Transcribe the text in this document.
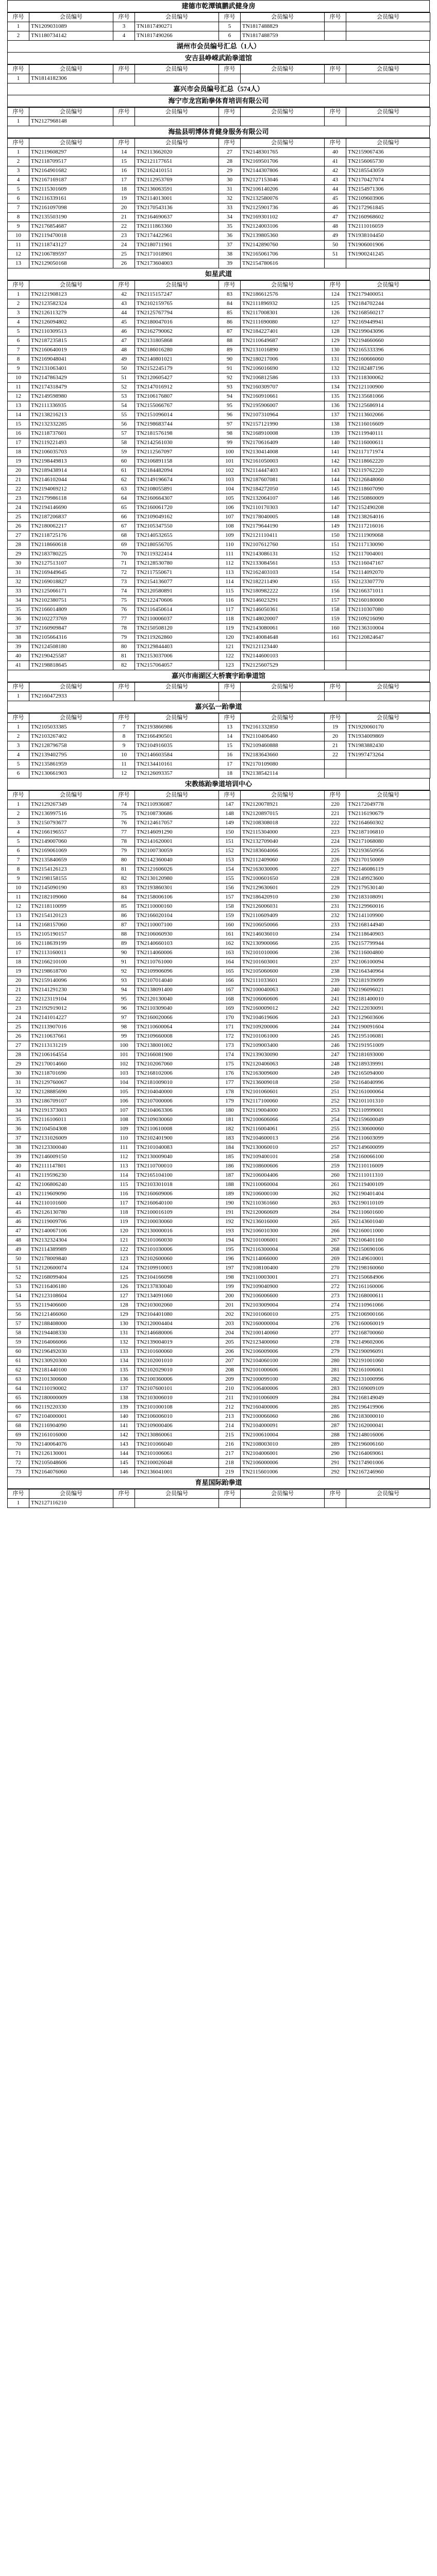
建德市乾潭镇鹏武健身房
序号	会员编号	序号	会员编号	序号	会员编号	序号	会员编号
1	TN1209031089	3	TN1817490271	5	TN1817488829		
2	TN1180734142	4	TN1817490266	6	TN1817488759		
湖州市会员编号汇总（1人）
安吉县峥嵘武跆拳道馆
序号	会员编号	序号	会员编号	序号	会员编号	序号	会员编号
1	TN1814182306						
嘉兴市会员编号汇总（574人）
海宁市龙宫跆拳体育培训有限公司
序号	会员编号	序号	会员编号	序号	会员编号	序号	会员编号
1	TN2127968148						
海盐县明博体育健身服务有限公司
序号	会员编号	序号	会员编号	序号	会员编号	序号	会员编号
1	TN2119608297	14	TN2113662020	27	TN2148301765	40	TN2159067436
2	TN2118709517	15	TN2121177651	28	TN2169501706	41	TN2156065730
3	TN2164901682	16	TN2162410151	29	TN2144307806	42	TN2185543059
4	TN2167169187	17	TN2112953769	30	TN2127153046	43	TN2170427074
5	TN2115301609	18	TN2136063591	31	TN2106140206	44	TN2154971306
6	TN2116339161	19	TN2114013001	32	TN2132580076	45	TN2109603906
7	TN2161097098	20	TN2170543136	33	TN2125901736	46	TN2172961845
8	TN2135503190	21	TN2164690637	34	TN2169301102	47	TN2160968602
9	TN2176854687	22	TN2111863360	35	TN2124003106	48	TN2111016059
10	TN2119470018	23	TN2174422961	36	TN2139805360	49	TN1938104450
11	TN2118743127	24	TN2180711901	37	TN2142890760	50	TN1906001906
12	TN2106789597	25	TN2171018901	38	TN2165061706	51	TN1900241245
13	TN2129050168	26	TN2173604003	39	TN2154780616		
如星武道
序号	会员编号	序号	会员编号	序号	会员编号	序号	会员编号
1	TN2121908123	42	TN2115157247	83	TN2186612576	124	TN2179400051
2	TN2123582324	43	TN2102159765	84	TN2111896932	125	TN2184702244
3	TN2126113279	44	TN2125767794	85	TN2117008301	126	TN2168560217
4	TN2126094802	45	TN2180047016	86	TN2111690080	127	TN2169449941
5	TN2110309513	46	TN2162790062	87	TN2184227401	128	TN2199043096
6	TN2187235815	47	TN2131805868	88	TN2110649687	129	TN2194660660
7	TN2160640019	48	TN2186016280	89	TN2131016890	130	TN2165333396
8	TN2169048041	49	TN2140801021	90	TN2180217006	131	TN2160666060
9	TN2131063401	50	TN2152245179	91	TN2106016690	132	TN2182487196
10	TN2147863429	51	TN2120605427	92	TN2106812586	133	TN2118300062
11	TN2174318479	52	TN2147016912	93	TN2160309707	134	TN2121100900
12	TN2149598980	53	TN2106176807	94	TN2160910661	135	TN2135681066
13	TN2111336935	54	TN2155066767	95	TN2195906007	136	TN2125686914
14	TN2138216213	55	TN2151096014	96	TN2107310964	137	TN2113602066
15	TN2132332285	56	TN2198683744	97	TN2157121990	138	TN2116016609
16	TN2118737601	57	TN2181576198	98	TN2168910008	139	TN2119940111
17	TN2119221493	58	TN2142561030	99	TN2170616409	140	TN2116000611
18	TN2106035703	59	TN2112567097	100	TN2130414008	141	TN2117171974
19	TN2198449813	60	TN2106891158	101	TN2161050003	142	TN2118662220
20	TN2189438914	61	TN2184482094	102	TN2114447403	143	TN2119762220
21	TN2146102044	62	TN2149196674	103	TN2187607081	144	TN2126848060
22	TN2194069212	63	TN2108055891	104	TN2184272050	145	TN2118607090
23	TN2179986118	64	TN2160664307	105	TN2132064107	146	TN2150860009
24	TN2194146690	65	TN2160061720	106	TN2110170303	147	TN2152490208
25	TN2187206837	66	TN2109049162	107	TN2178040005	148	TN2138264016
26	TN2180062217	67	TN2105347550	108	TN2179644190	149	TN2117216016
27	TN2118725176	68	TN2140532655	109	TN2121110411	150	TN2111909068
28	TN2118660618	69	TN2180556705	110	TN2107612760	151	TN2117130090
29	TN2183780225	70	TN2119322414	111	TN2143086131	152	TN2117004001
30	TN2127513107	71	TN2128530780	112	TN2133084561	153	TN2116047167
31	TN2169449645	72	TN2117550671	113	TN2162403103	154	TN2114092070
32	TN2169018827	73	TN2154136077	114	TN2182211490	155	TN2123307770
33	TN2125066171	74	TN2120580891	115	TN2180982222	156	TN2166371011
34	TN2102380751	75	TN2122470606	116	TN2146023291	157	TN2160180000
35	TN2166014809	76	TN2116450614	117	TN2146050361	158	TN2110307080
36	TN2102273769	77	TN2110006037	118	TN2148020007	159	TN2109216090
37	TN2160909847	78	TN2150508120	119	TN2143080061	160	TN2136310004
38	TN2105664316	79	TN2119262860	120	TN2140084648	161	TN2120824647
39	TN2124508180	80	TN2129844403	121	TN2121123440		
40	TN2190425587	81	TN2153037006	122	TN2144600103		
41	TN2198818645	82	TN2157064057	123	TN2125607529		
嘉兴市南湖区大桥寰宇跆拳道馆
序号	会员编号	序号	会员编号	序号	会员编号	序号	会员编号
1	TN2160472933						
嘉兴弘一跆拳道
序号	会员编号	序号	会员编号	序号	会员编号	序号	会员编号
1	TN2105033385	7	TN2193866986	13	TN2161332850	19	TN1920060170
2	TN2103267402	8	TN2166490501	14	TN2110406460	20	TN1934009869
3	TN2128796758	9	TN2104916035	15	TN2109460888	21	TN1983882430
4	TN2139402795	10	TN2146603584	16	TN2183643660	22	TN1997473264
5	TN2135861959	11	TN2134410161	17	TN2170109080		
6	TN2130661903	12	TN2126093357	18	TN2138542114		
宋教练跆拳道培训中心
序号	会员编号	序号	会员编号	序号	会员编号	序号	会员编号
1	TN2129267349	74	TN2110936087	147	TN2120078921	220	TN2172049778
2	TN2136997516	75	TN2108730686	148	TN2120897015	221	TN2116190679
3	TN2150793677	76	TN2124617057	149	TN2108308018	222	TN2164660302
4	TN2166196557	77	TN2146091290	150	TN2115304000	223	TN2187106810
5	TN2149007060	78	TN2141620001	151	TN2132709040	224	TN2171068080
6	TN2169061069	79	TN2100730059	152	TN2183604066	225	TN2193650956
7	TN2135840659	80	TN2142360040	153	TN2112409060	226	TN2170150069
8	TN2154126123	81	TN2121606026	154	TN2163030006	227	TN2146086119
9	TN2198158155	82	TN2130120980	155	TN2100601650	228	TN2149923600
10	TN2145090190	83	TN2193860301	156	TN2129630601	229	TN2179530140
11	TN2182109060	84	TN2158006106	157	TN2186420910	230	TN2183108091
12	TN2118110099	85	TN2110000160	158	TN2126006031	231	TN2129960016
13	TN2154120123	86	TN2166020104	159	TN2110609409	232	TN2141109900
14	TN2168157060	87	TN2110007100	160	TN2106050066	233	TN2168144940
15	TN2105190157	88	TN2106060930	161	TN2146036010	234	TN2118640903
16	TN2118639199	89	TN2140660103	162	TN2130900066	235	TN2157799944
17	TN2113160011	90	TN2114060006	163	TN2101010006	236	TN2116004800
18	TN2166210100	91	TN2110761000	164	TN2101603001	237	TN2106100094
19	TN2198618700	92	TN2109906096	165	TN2105060600	238	TN2164340964
20	TN2159140096	93	TN2107014040	166	TN2111033601	239	TN2181939099
21	TN2141291230	94	TN2138091400	167	TN2100040063	240	TN2196096021
22	TN2123119104	95	TN2120130040	168	TN2106060606	241	TN2181400010
23	TN2192919012	96	TN2110309040	169	TN2160009012	242	TN2122030091
24	TN2141014227	97	TN2160020066	170	TN2104619606	243	TN2129603606
25	TN2113907016	98	TN2110600064	171	TN2109200006	244	TN2190091604
26	TN2110637661	99	TN2109660008	172	TN2101061000	245	TN2195106081
27	TN2113131219	100	TN2138001002	173	TN2109003400	246	TN2191951009
28	TN2106164554	101	TN2166081900	174	TN2139030090	247	TN2181693000
29	TN2170014660	102	TN2102067060	175	TN2120406063	248	TN2189339991
30	TN2118701690	103	TN2168102006	176	TN2163009600	249	TN2165094000
31	TN2129760067	104	TN2181009010	177	TN2136009018	250	TN2164040996
32	TN2128885690	105	TN2104040000	178	TN2101060601	251	TN2161000064
33	TN2186709107	106	TN2107000006	179	TN2117100060	252	TN2101101310
34	TN2191373003	107	TN2104063306	180	TN2119004000	253	TN2110999001
35	TN2116106011	108	TN2109030060	181	TN2100606066	254	TN2159600049
36	TN2104504308	109	TN2110610008	182	TN2116004061	255	TN2130600060
37	TN2131026009	110	TN2102401900	183	TN2104600013	256	TN2110603099
38	TN2123300040	111	TN2101040083	184	TN2130060010	257	TN2149600099
39	TN2146009150	112	TN2130009040	185	TN2109400101	258	TN2160066100
40	TN2111147801	113	TN2110700010	186	TN2108600606	259	TN2110116009
41	TN2119596230	114	TN2165104100	187	TN2106004406	260	TN2111011310
42	TN2106806240	115	TN2103301018	188	TN2110060004	261	TN2119400109
43	TN2119609090	116	TN2160609006	189	TN2106000100	262	TN2190401404
44	TN2110101600	117	TN2160640100	190	TN2110361660	263	TN2190110109
45	TN2126130780	118	TN2100016109	191	TN2120060609	264	TN2110601600
46	TN2119009706	119	TN2100030060	192	TN2136016000	265	TN2143601040
47	TN2140067106	120	TN2130000016	193	TN2106010300	266	TN2160011000
48	TN2132324304	121	TN2101060030	194	TN2101006001	267	TN2106401160
49	TN2114389989	122	TN2101030006	195	TN2116300004	268	TN2150690106
50	TN2178009840	123	TN2102600060	196	TN2114066000	269	TN2149610001
51	TN2120600074	124	TN2109910003	197	TN2108100400	270	TN2198160060
52	TN2168099404	125	TN2104166098	198	TN2110003001	271	TN2150684906
53	TN2116406180	126	TN2137830040	199	TN2109040900	272	TN2161160006
54	TN2123108604	127	TN2134091060	200	TN2106006600	273	TN2168000611
55	TN2119406600	128	TN2103002060	201	TN2103009004	274	TN2110961066
56	TN2121466060	129	TN2104401080	202	TN2101060010	275	TN2106900166
57	TN2188408000	130	TN2120004404	203	TN2160000004	276	TN2160060019
58	TN2194408330	131	TN2146680006	204	TN2100140060	277	TN2168700060
59	TN2164066066	132	TN2139004019	205	TN2123400060	278	TN2149602006
60	TN2196492030	133	TN2101600060	206	TN2106009006	279	TN2190096091
61	TN2130920300	134	TN2102001010	207	TN2104060100	280	TN2191001060
62	TN2181440100	135	TN2102029010	208	TN2101000606	281	TN2161006061
63	TN2101300600	136	TN2100360006	209	TN2100099100	282	TN2131000996
64	TN2110190002	137	TN2107600101	210	TN2106400006	283	TN2169009109
65	TN2180000009	138	TN2103006010	211	TN2101006009	284	TN2168149049
66	TN2119220330	139	TN2101000108	212	TN2160400006	285	TN2196419906
67	TN2104000001	140	TN2106006010	213	TN2100066060	286	TN2183000010
68	TN2116904090	141	TN2109000406	214	TN2104000091	287	TN2162000041
69	TN2161016000	142	TN2130860061	215	TN2100610004	288	TN2148016006
70	TN2140064076	143	TN2101066040	216	TN2108003010	289	TN2196006160
71	TN2126130001	144	TN2101006061	217	TN2104006001	290	TN2164069061
72	TN2105048606	145	TN2100026048	218	TN2106000006	291	TN2174901006
73	TN2164076060	146	TN2136041001	219	TN2115601006	292	TN2167246960
育星国际跆拳道
序号	会员编号	序号	会员编号	序号	会员编号	序号	会员编号
1	TN2127116210						
